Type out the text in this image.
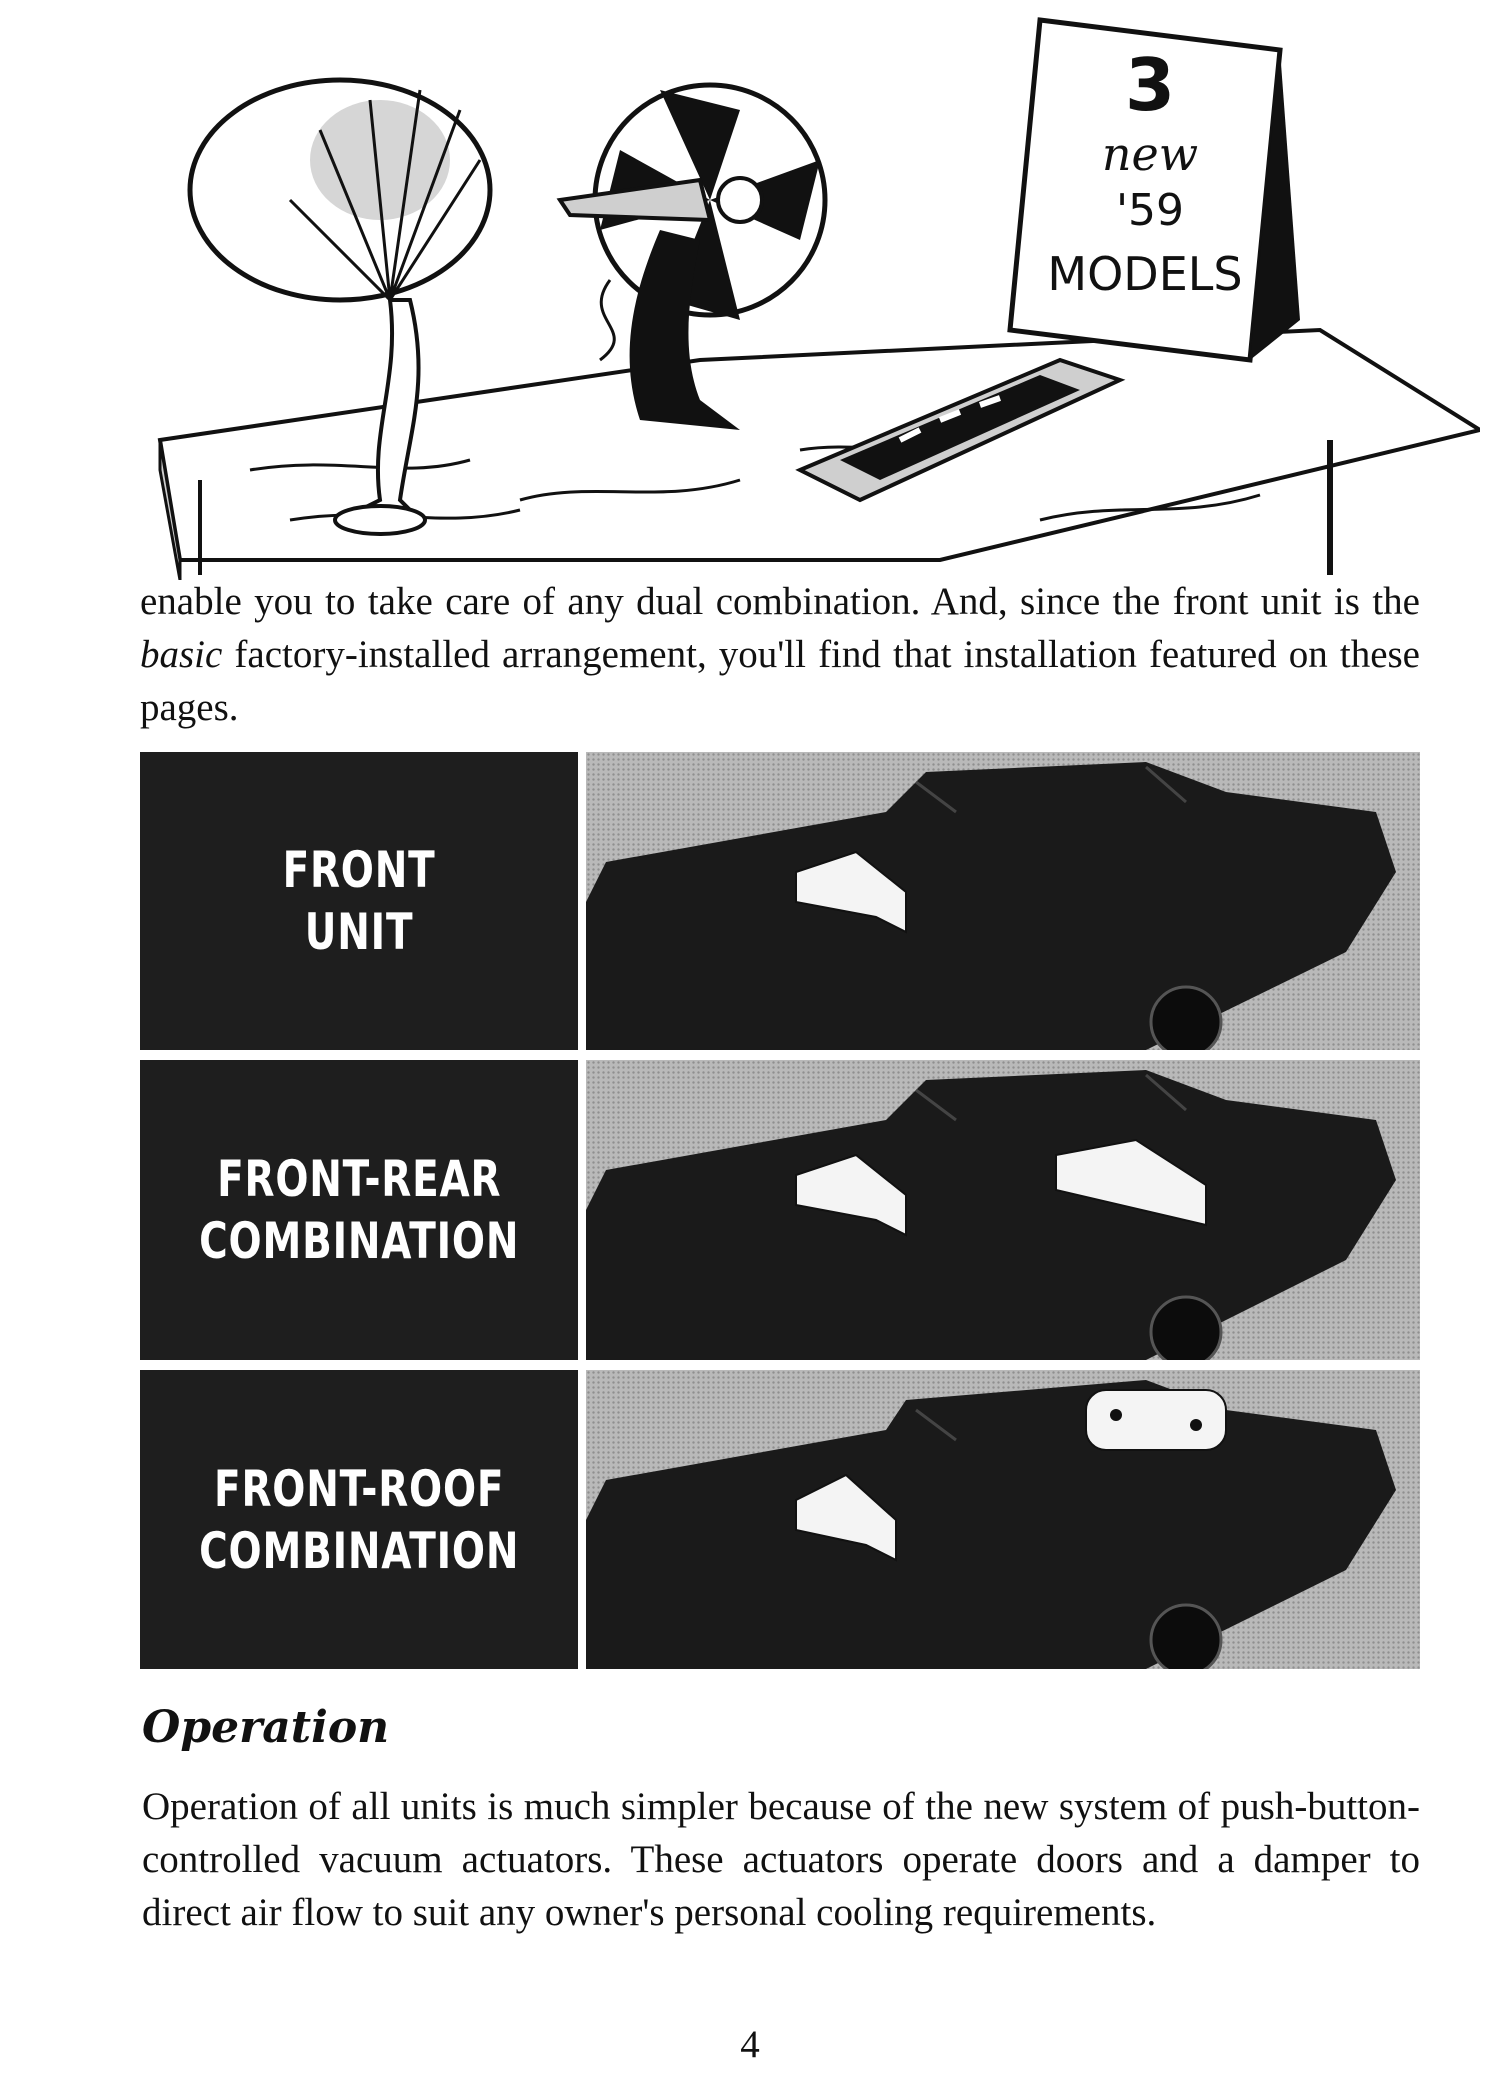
3
new
'59
MODELS

enable you to take care of any dual combination. And, since the front unit is the basic factory-installed arrangement, you'll find that installation featured on these pages.

FRONT
UNIT
FRONT-REAR
COMBINATION
FRONT-ROOF
COMBINATION
Operation

Operation of all units is much simpler because of the new system of push-button-controlled vacuum actuators. These actuators operate doors and a damper to direct air flow to suit any owner's personal cooling requirements.

4
